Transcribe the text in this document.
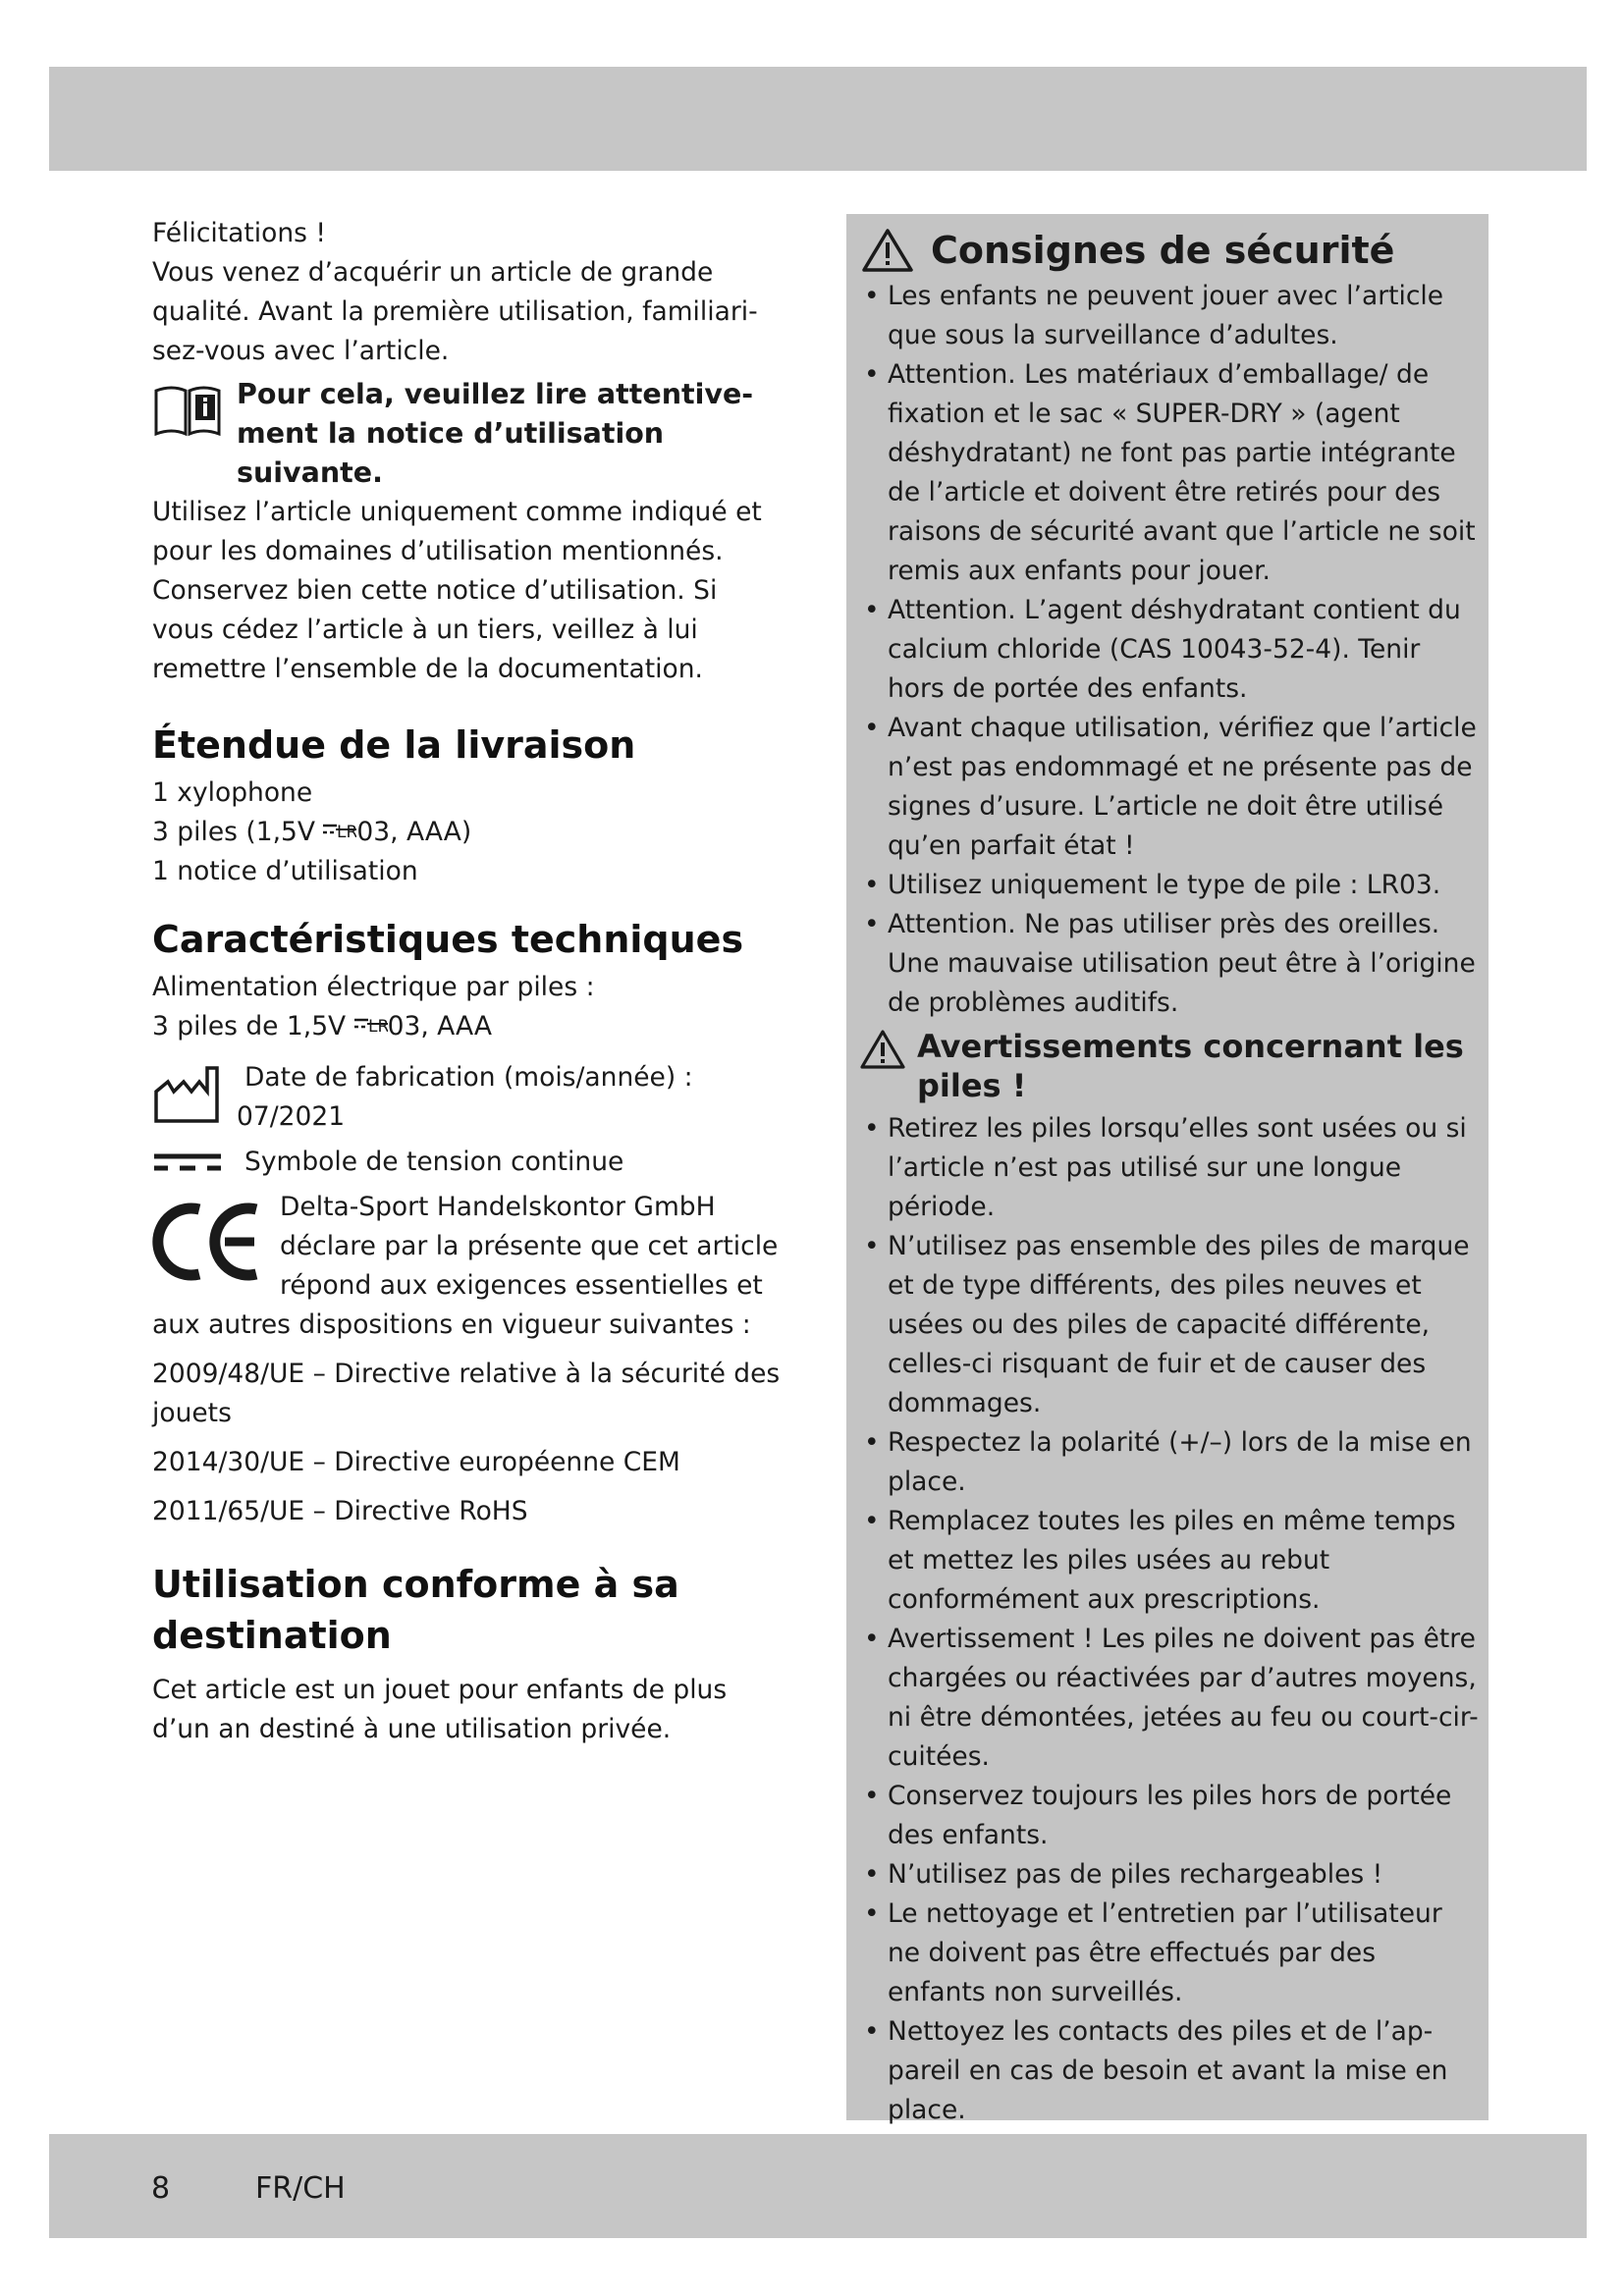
Félicitations !

Vous venez d’acquérir un article de grande qualité. Avant la première utilisation, familiari-sez-vous avec l’article.

Pour cela, veuillez lire attentive-ment la notice d’utilisation suivante.

Utilisez l’article uniquement comme indiqué et pour les domaines d’utilisation mentionnés. Conservez bien cette notice d’utilisation. Si vous cédez l’article à un tiers, veillez à lui remettre l’ensemble de la documentation.

Étendue de la livraison

1 xylophone

3 piles (1,5V LR
03, AAA)

1 notice d’utilisation

Caractéristiques techniques

Alimentation électrique par piles :

3 piles de 1,5V LR
03, AAA

Date de fabrication (mois/année) :
07/2021
Symbole de tension continue
Delta-Sport Handelskontor GmbH déclare par la présente que cet article répond aux exigences essentielles et

aux autres dispositions en vigueur suivantes :

2009/48/UE – Directive relative à la sécurité des jouets

2014/30/UE – Directive européenne CEM

2011/65/UE – Directive RoHS

Utilisation conforme à sa destination

Cet article est un jouet pour enfants de plus d’un an destiné à une utilisation privée.

Consignes de sécurité
• Les enfants ne peuvent jouer avec l’article que sous la surveillance d’adultes.
• Attention. Les matériaux d’emballage/ de fixation et le sac « SUPER-DRY » (agent déshydratant) ne font pas partie intégrante de l’article et doivent être retirés pour des raisons de sécurité avant que l’article ne soit remis aux enfants pour jouer.
• Attention. L’agent déshydratant contient du calcium chloride (CAS 10043-52-4). Tenir hors de portée des enfants.
• Avant chaque utilisation, vérifiez que l’article n’est pas endommagé et ne présente pas de signes d’usure. L’article ne doit être utilisé qu’en parfait état !
• Utilisez uniquement le type de pile : LR03.
• Attention. Ne pas utiliser près des oreilles. Une mauvaise utilisation peut être à l’origine de problèmes auditifs.
Avertissements concernant les piles !
• Retirez les piles lorsqu’elles sont usées ou si l’article n’est pas utilisé sur une longue période.
• N’utilisez pas ensemble des piles de marque et de type différents, des piles neuves et usées ou des piles de capacité différente, celles-ci risquant de fuir et de causer des dommages.
• Respectez la polarité (+/–) lors de la mise en place.
• Remplacez toutes les piles en même temps et mettez les piles usées au rebut conformément aux prescriptions.
• Avertissement ! Les piles ne doivent pas être chargées ou réactivées par d’autres moyens, ni être démontées, jetées au feu ou court-cir-cuitées.
• Conservez toujours les piles hors de portée des enfants.
• N’utilisez pas de piles rechargeables !
• Le nettoyage et l’entretien par l’utilisateur ne doivent pas être effectués par des enfants non surveillés.
• Nettoyez les contacts des piles et de l’ap-pareil en cas de besoin et avant la mise en place.
8	FR/CH
